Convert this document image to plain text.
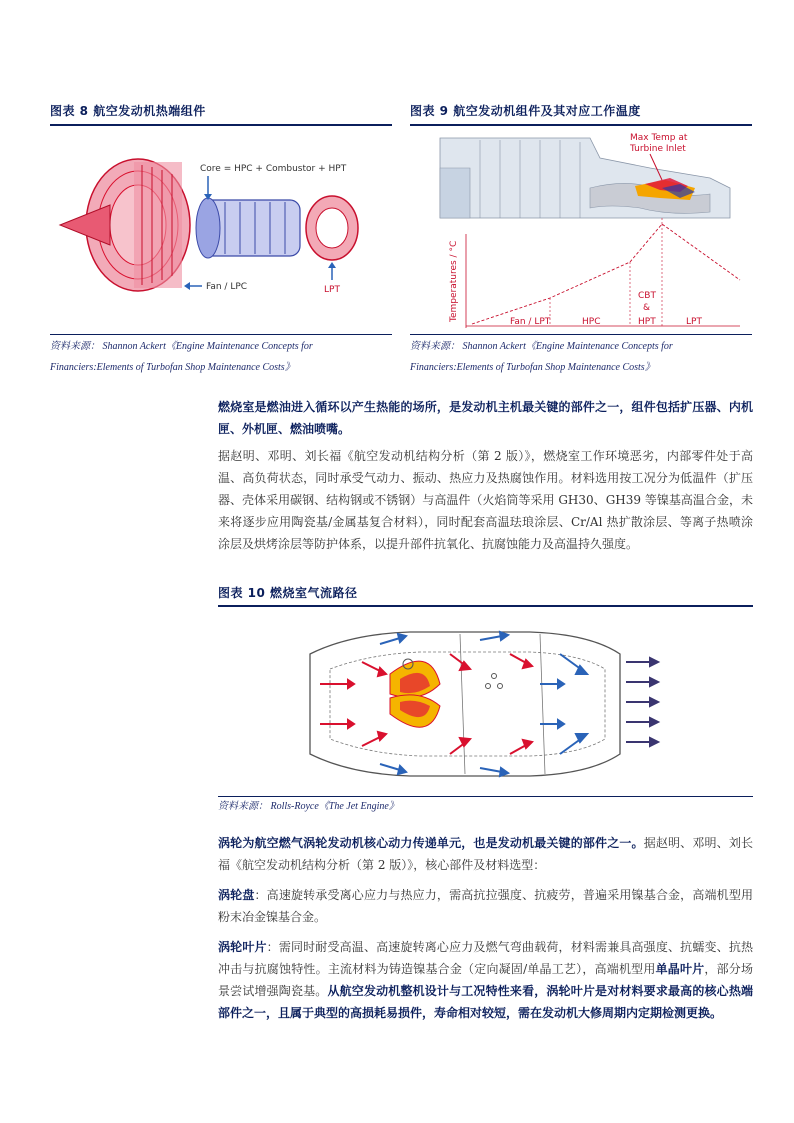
图表 8 航空发动机热端组件
Core = HPC + Combustor + HPT
Fan / LPC	LPT
资料来源： Shannon Ackert《Engine Maintenance Concepts for
Financiers:Elements of Turbofan Shop Maintenance Costs》
图表 9 航空发动机组件及其对应工作温度
Max Temp at
Turbine Inlet
Temperatures / °C	Fan / LPT	HPC
CBT
&
HPT	LPT
资料来源： Shannon Ackert《Engine Maintenance Concepts for
Financiers:Elements of Turbofan Shop Maintenance Costs》
燃烧室是燃油进入循环以产生热能的场所，是发动机主机最关键的部件之一，组件包括扩压器、内机匣、外机匣、燃油喷嘴。
据赵明、邓明、刘长福《航空发动机结构分析（第 2 版）》，燃烧室工作环境恶劣，内部零件处于高温、高负荷状态，同时承受气动力、振动、热应力及热腐蚀作用。材料选用按工况分为低温件（扩压器、壳体采用碳钢、结构钢或不锈钢）与高温件（火焰筒等采用 GH30、GH39 等镍基高温合金，未来将逐步应用陶瓷基/金属基复合材料），同时配套高温珐琅涂层、Cr/Al 热扩散涂层、等离子热喷涂涂层及烘烤涂层等防护体系，以提升部件抗氧化、抗腐蚀能力及高温持久强度。
图表 10 燃烧室气流路径
资料来源： Rolls-Royce《The Jet Engine》
涡轮为航空燃气涡轮发动机核心动力传递单元，也是发动机最关键的部件之一。据赵明、邓明、刘长福《航空发动机结构分析（第 2 版）》，核心部件及材料选型：
涡轮盘：高速旋转承受离心应力与热应力，需高抗拉强度、抗疲劳，普遍采用镍基合金，高端机型用粉末冶金镍基合金。
涡轮叶片：需同时耐受高温、高速旋转离心应力及燃气弯曲载荷，材料需兼具高强度、抗蠕变、抗热冲击与抗腐蚀特性。主流材料为铸造镍基合金（定向凝固/单晶工艺），高端机型用单晶叶片，部分场景尝试增强陶瓷基。从航空发动机整机设计与工况特性来看，涡轮叶片是对材料要求最高的核心热端部件之一，且属于典型的高损耗易损件，寿命相对较短，需在发动机大修周期内定期检测更换。
